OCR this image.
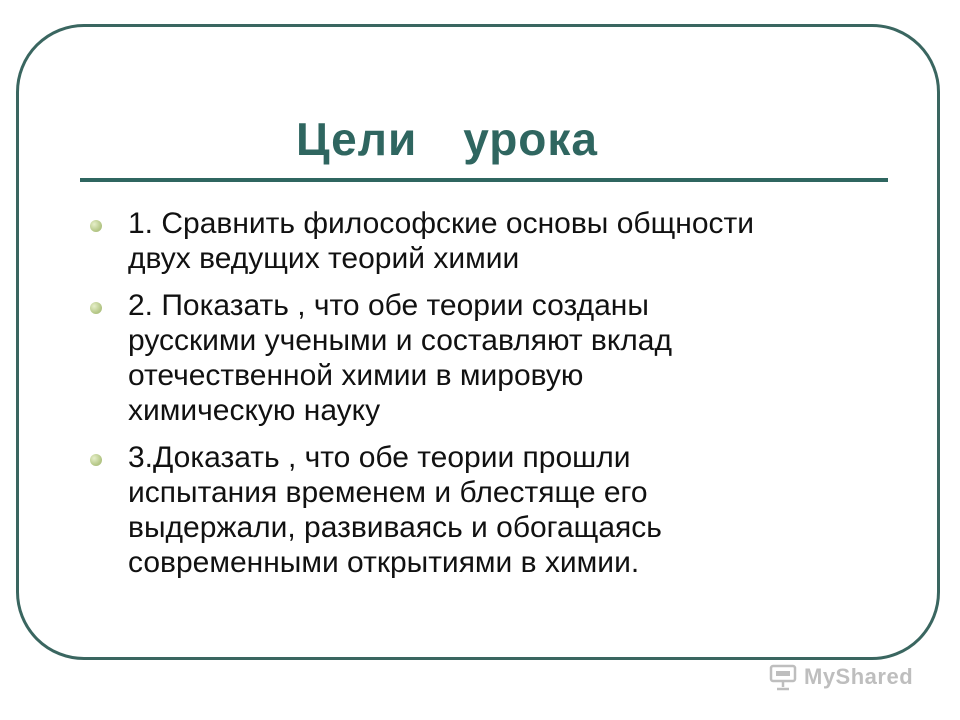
Цели урока
1. Сравнить философские основы общности
двух ведущих теорий химии
2. Показать , что обе теории созданы
русскими учеными и составляют вклад
отечественной химии в мировую
химическую науку
3.Доказать , что обе теории прошли
испытания временем и блестяще его
выдержали, развиваясь и обогащаясь
современными открытиями в химии.
MyShared
